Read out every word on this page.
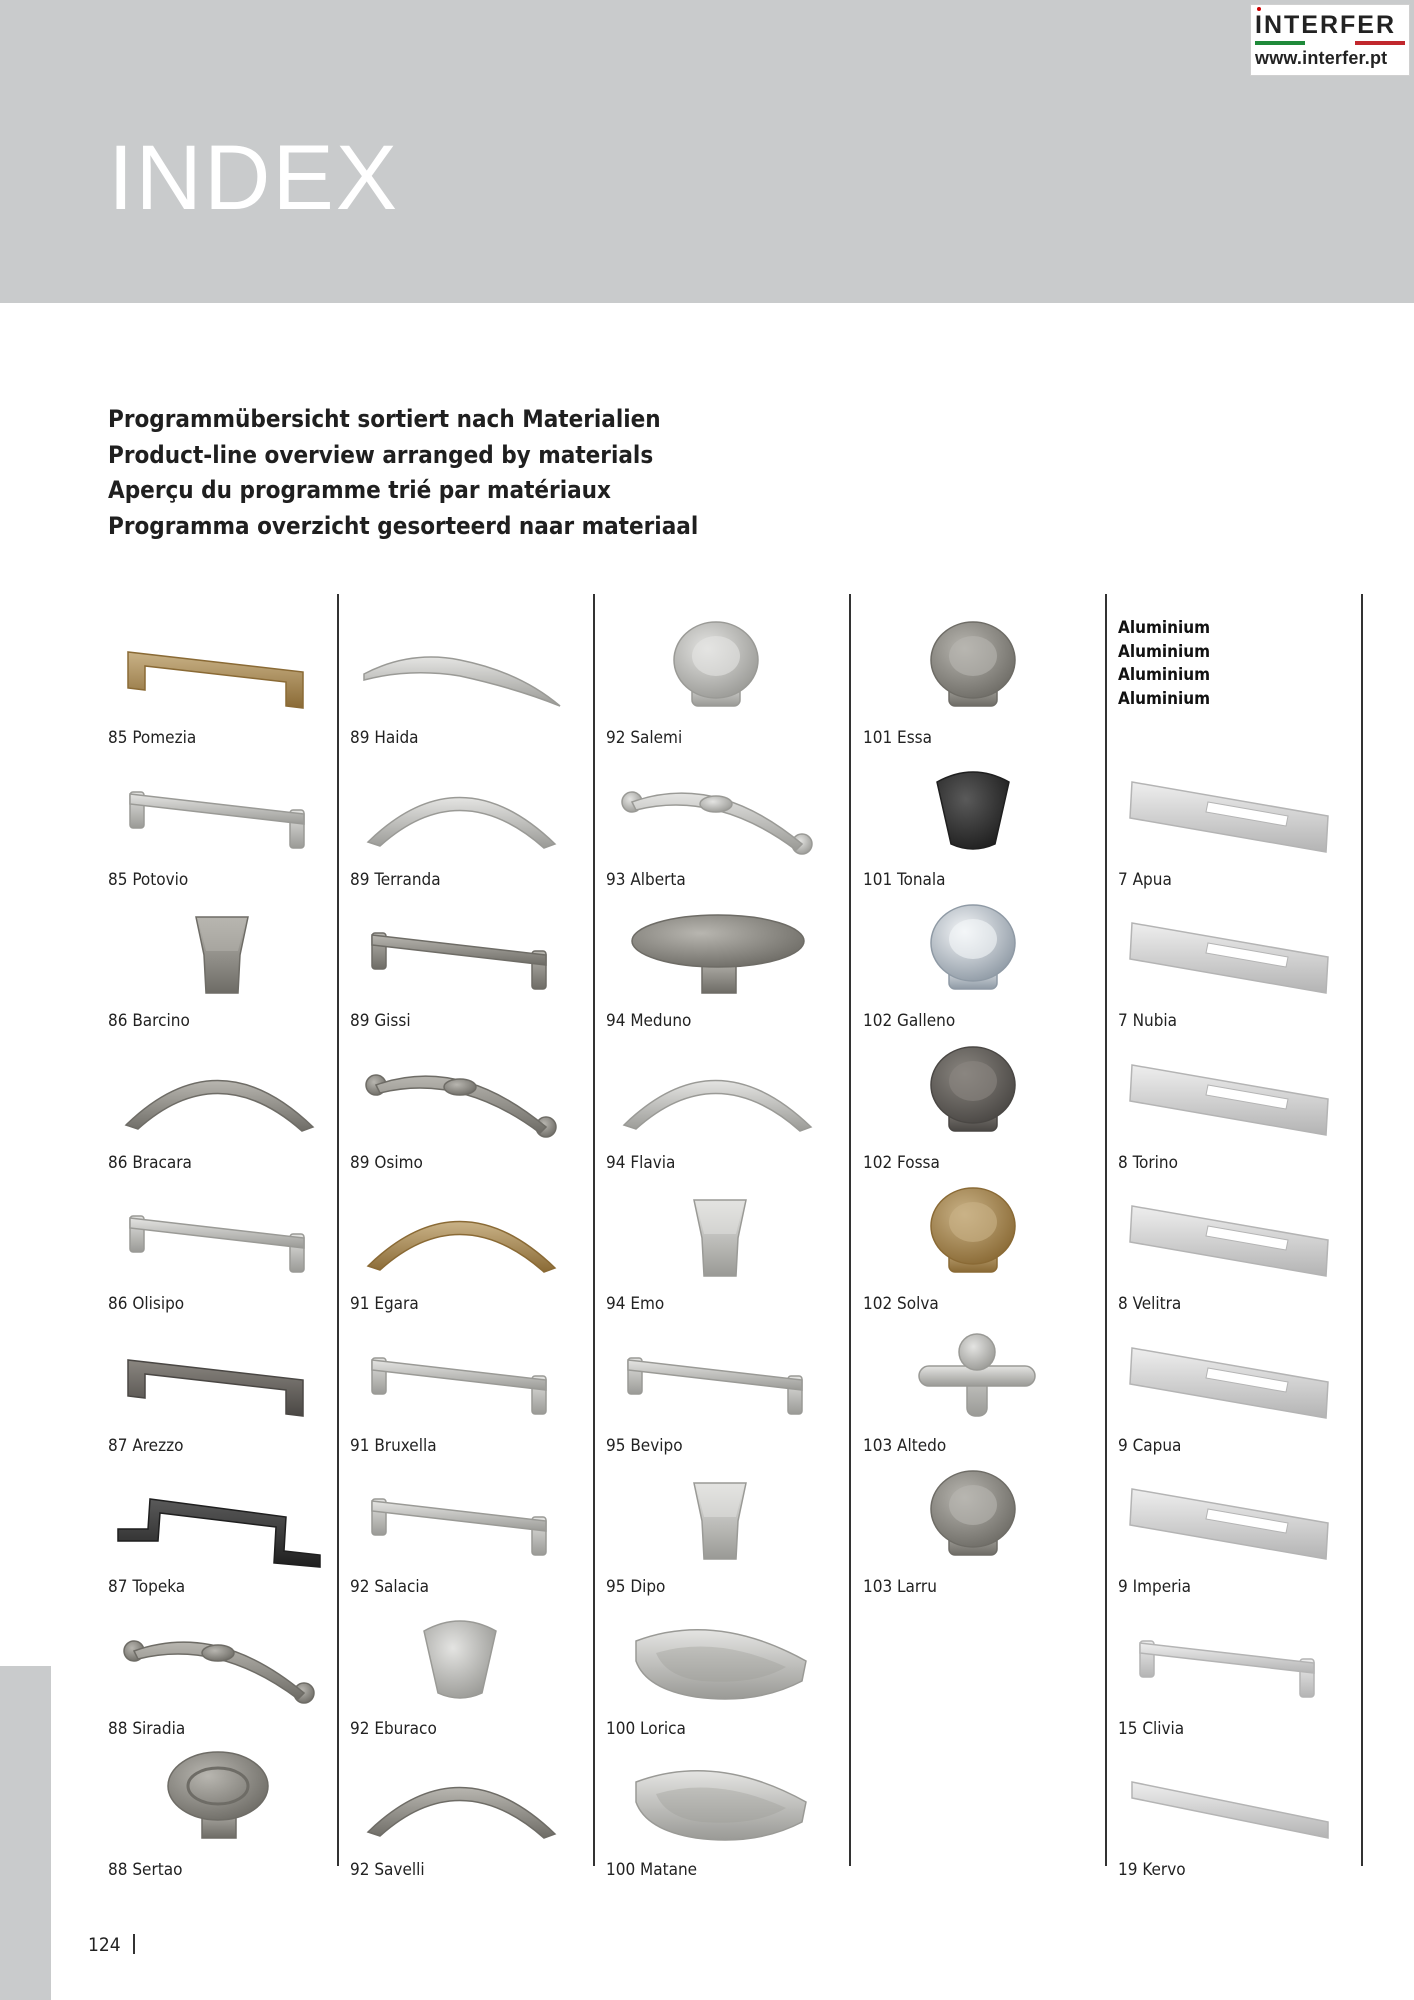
INDEX
INTERFER
www.interfer.pt
Programmübersicht sortiert nach Materialien
Product-line overview arranged by materials
Aperçu du programme trié par matériaux
Programma overzicht gesorteerd naar materiaal
85 Pomezia
85 Potovio
86 Barcino
86 Bracara
86 Olisipo
87 Arezzo
87 Topeka
88 Siradia
88 Sertao
89 Haida
89 Terranda
89 Gissi
89 Osimo
91 Egara
91 Bruxella
92 Salacia
92 Eburaco
92 Savelli
92 Salemi
93 Alberta
94 Meduno
94 Flavia
94 Emo
95 Bevipo
95 Dipo
100 Lorica
100 Matane
101 Essa
101 Tonala
102 Galleno
102 Fossa
102 Solva
103 Altedo
103 Larru
7 Apua
7 Nubia
8 Torino
8 Velitra
9 Capua
9 Imperia
15 Clivia
19 Kervo
Aluminium
Aluminium
Aluminium
Aluminium
124
